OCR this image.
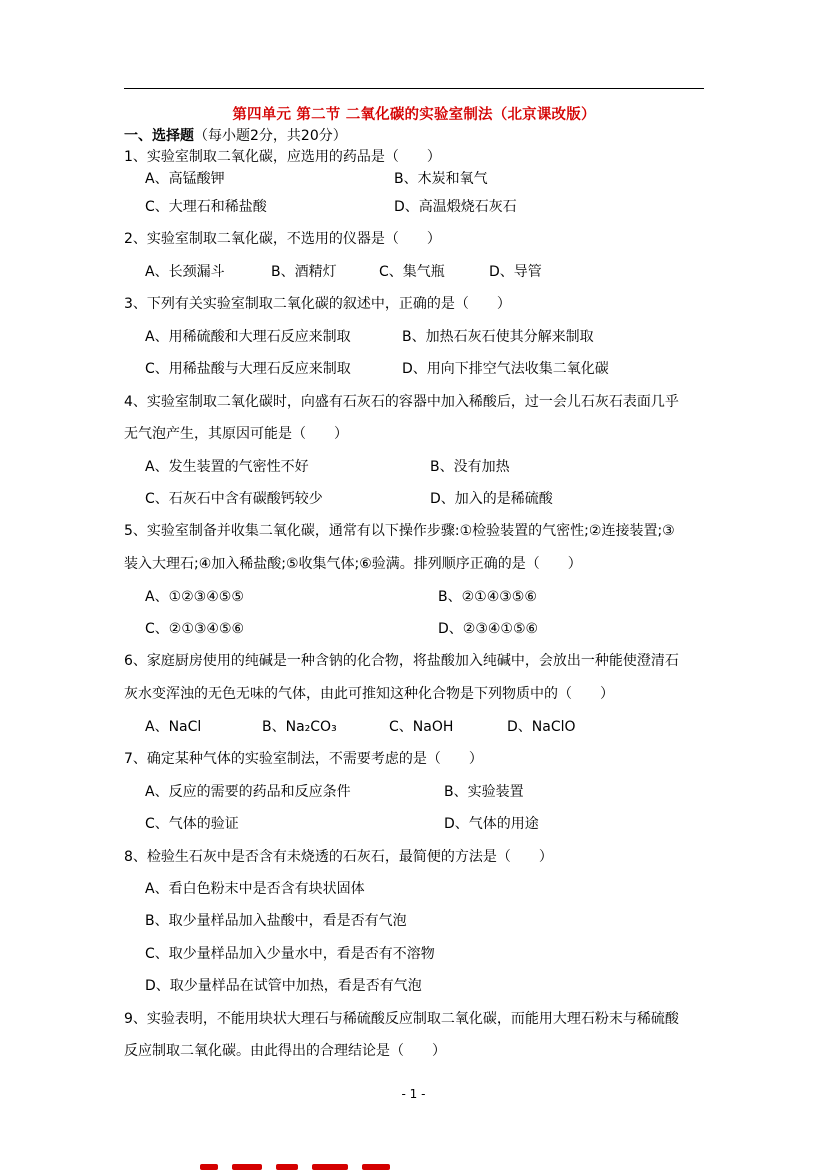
第四单元 第二节 二氧化碳的实验室制法（北京课改版）
一、选择题（每小题2分，共20分）
1、实验室制取二氧化碳，应选用的药品是（　　）
A、高锰酸钾	B、木炭和氧气
C、大理石和稀盐酸	D、高温煅烧石灰石
2、实验室制取二氧化碳，不选用的仪器是（　　）
A、长颈漏斗	B、酒精灯	C、集气瓶	D、导管
3、下列有关实验室制取二氧化碳的叙述中，正确的是（　　）
A、用稀硫酸和大理石反应来制取	B、加热石灰石使其分解来制取
C、用稀盐酸与大理石反应来制取	D、用向下排空气法收集二氧化碳
4、实验室制取二氧化碳时，向盛有石灰石的容器中加入稀酸后，过一会儿石灰石表面几乎
无气泡产生，其原因可能是（　　）
A、发生装置的气密性不好	B、没有加热
C、石灰石中含有碳酸钙较少	D、加入的是稀硫酸
5、实验室制备并收集二氧化碳，通常有以下操作步骤:①检验装置的气密性;②连接装置;③
装入大理石;④加入稀盐酸;⑤收集气体;⑥验满。排列顺序正确的是（　　）
A、①②③④⑤⑤	B、②①④③⑤⑥
C、②①③④⑤⑥	D、②③④①⑤⑥
6、家庭厨房使用的纯碱是一种含钠的化合物，将盐酸加入纯碱中，会放出一种能使澄清石
灰水变浑浊的无色无味的气体，由此可推知这种化合物是下列物质中的（　　）
A、NaCl	B、Na₂CO₃	C、NaOH	D、NaClO
7、确定某种气体的实验室制法，不需要考虑的是（　　）
A、反应的需要的药品和反应条件	B、实验装置
C、气体的验证	D、气体的用途
8、检验生石灰中是否含有未烧透的石灰石，最简便的方法是（　　）
A、看白色粉末中是否含有块状固体
B、取少量样品加入盐酸中，看是否有气泡
C、取少量样品加入少量水中，看是否有不溶物
D、取少量样品在试管中加热，看是否有气泡
9、实验表明，不能用块状大理石与稀硫酸反应制取二氧化碳，而能用大理石粉末与稀硫酸
反应制取二氧化碳。由此得出的合理结论是（　　）
- 1 -
